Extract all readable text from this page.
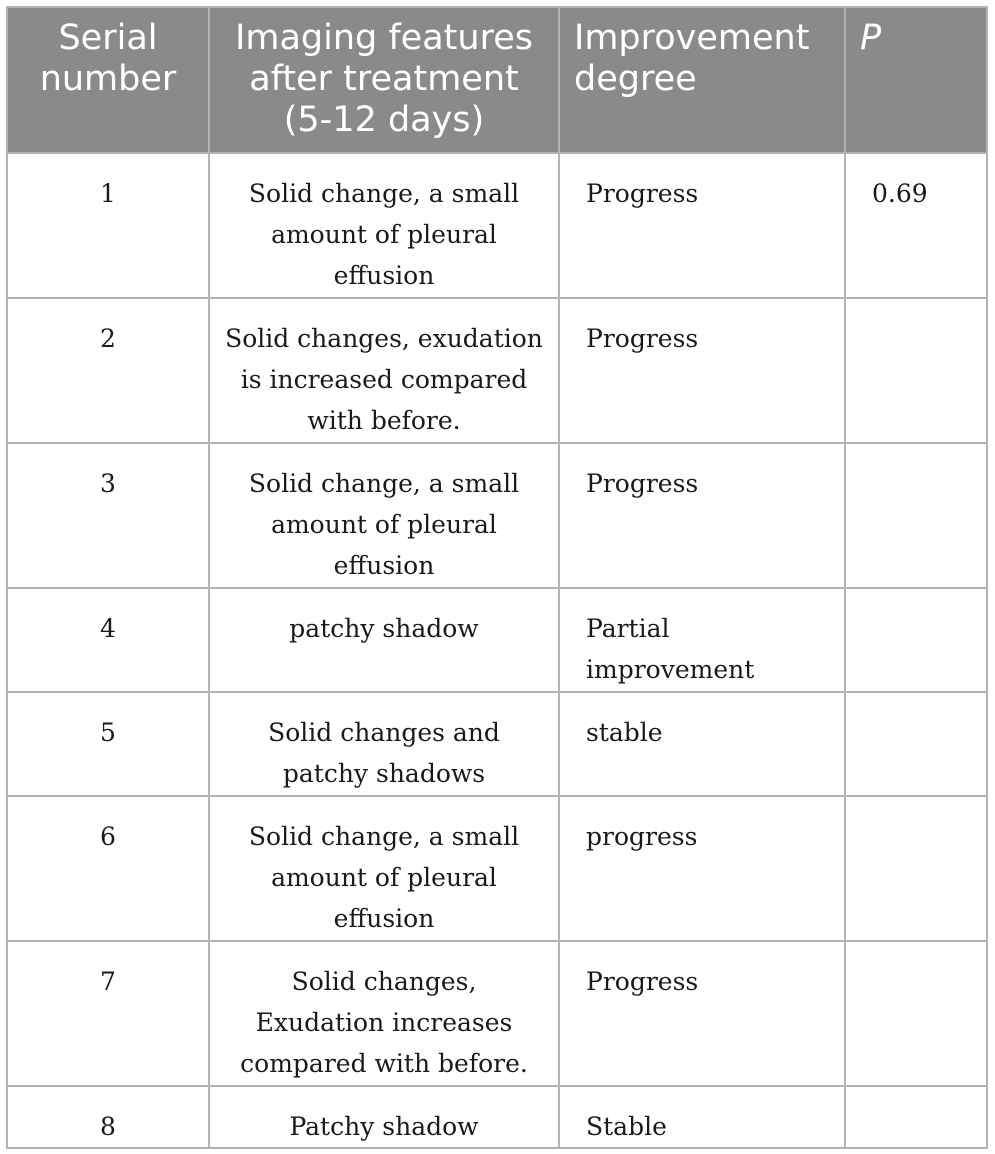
Serial number	Imaging features after treatment (5-12 days)	Improvement degree	P
1	Solid change, a small amount of pleural effusion	Progress	0.69
2	Solid changes, exudation is increased compared with before.	Progress	
3	Solid change, a small amount of pleural effusion	Progress	
4	patchy shadow	Partial improvement	
5	Solid changes and patchy shadows	stable	
6	Solid change, a small amount of pleural effusion	progress	
7	Solid changes, Exudation increases compared with before.	Progress	
8	Patchy shadow	Stable	
